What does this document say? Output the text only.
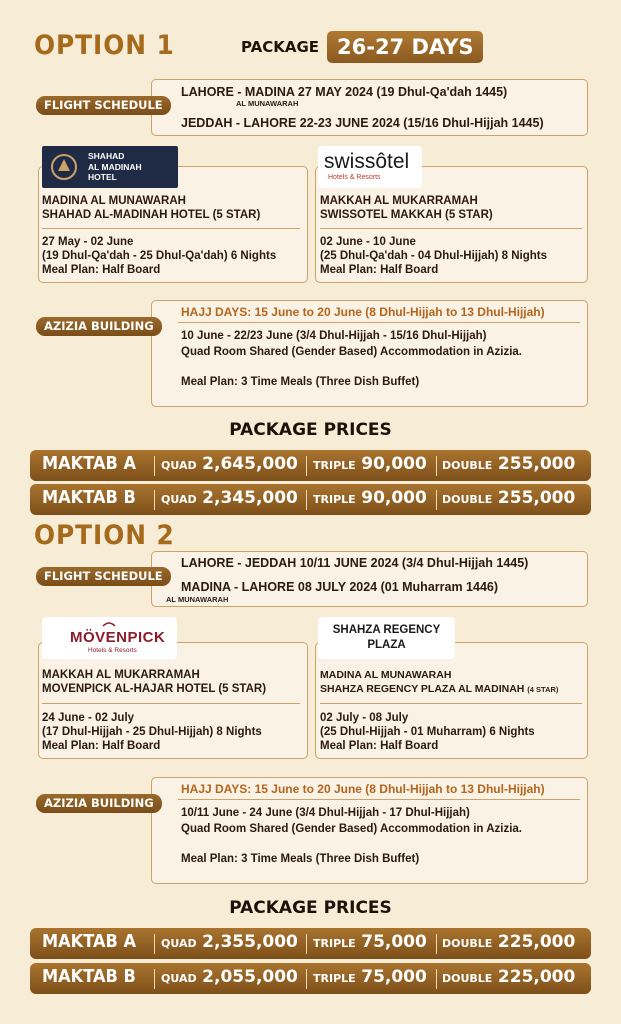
OPTION 1	PACKAGE 26-27 DAYS
FLIGHT SCHEDULE
LAHORE - MADINA 27 MAY 2024 (19 Dhul-Qa'dah 1445)
AL MUNAWARAH
JEDDAH - LAHORE 22-23 JUNE 2024 (15/16 Dhul-Hijjah 1445)
SHAHAD
AL MADINAH
HOTEL
MADINA AL MUNAWARAH
SHAHAD AL-MADINAH HOTEL (5 STAR)
27 May - 02 June
(19 Dhul-Qa'dah - 25 Dhul-Qa'dah) 6 Nights
Meal Plan: Half Board
swissôtel
Hotels & Resorts
MAKKAH AL MUKARRAMAH
SWISSOTEL MAKKAH (5 STAR)
02 June - 10 June
(25 Dhul-Qa'dah - 04 Dhul-Hijjah) 8 Nights
Meal Plan: Half Board
AZIZIA BUILDING
HAJJ DAYS: 15 June to 20 June (8 Dhul-Hijjah to 13 Dhul-Hijjah)
10 June - 22/23 June (3/4 Dhul-Hijjah - 15/16 Dhul-Hijjah)
Quad Room Shared (Gender Based) Accommodation in Azizia.
Meal Plan: 3 Time Meals (Three Dish Buffet)
PACKAGE PRICES
MAKTAB A QUAD 2,645,000 TRIPLE 90,000 DOUBLE 255,000
MAKTAB B QUAD 2,345,000 TRIPLE 90,000 DOUBLE 255,000
OPTION 2
FLIGHT SCHEDULE
LAHORE - JEDDAH 10/11 JUNE 2024 (3/4 Dhul-Hijjah 1445)
MADINA - LAHORE 08 JULY 2024 (01 Muharram 1446)
AL MUNAWARAH
MÖVENPICK
Hotels & Resorts
MAKKAH AL MUKARRAMAH
MOVENPICK AL-HAJAR HOTEL (5 STAR)
24 June - 02 July
(17 Dhul-Hijjah - 25 Dhul-Hijjah) 8 Nights
Meal Plan: Half Board
SHAHZA REGENCY
PLAZA
MADINA AL MUNAWARAH
SHAHZA REGENCY PLAZA AL MADINAH (4 STAR)
02 July - 08 July
(25 Dhul-Hijjah - 01 Muharram) 6 Nights
Meal Plan: Half Board
AZIZIA BUILDING
HAJJ DAYS: 15 June to 20 June (8 Dhul-Hijjah to 13 Dhul-Hijjah)
10/11 June - 24 June (3/4 Dhul-Hijjah - 17 Dhul-Hijjah)
Quad Room Shared (Gender Based) Accommodation in Azizia.
Meal Plan: 3 Time Meals (Three Dish Buffet)
PACKAGE PRICES
MAKTAB A QUAD 2,355,000 TRIPLE 75,000 DOUBLE 225,000
MAKTAB B QUAD 2,055,000 TRIPLE 75,000 DOUBLE 225,000
